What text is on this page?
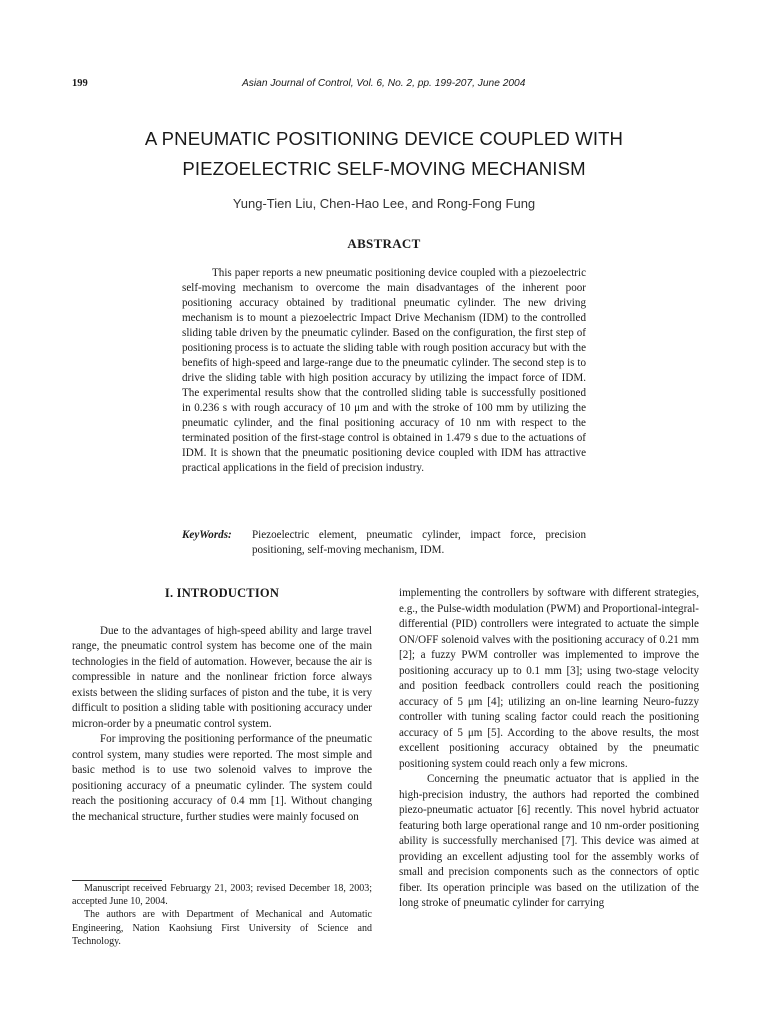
199	Asian Journal of Control, Vol. 6, No. 2, pp. 199-207, June 2004
A PNEUMATIC POSITIONING DEVICE COUPLED WITH
PIEZOELECTRIC SELF-MOVING MECHANISM
Yung-Tien Liu, Chen-Hao Lee, and Rong-Fong Fung
ABSTRACT

This paper reports a new pneumatic positioning device coupled with a piezoelectric self-moving mechanism to overcome the main disadvantages of the inherent poor positioning accuracy obtained by traditional pneumatic cylinder. The new driving mechanism is to mount a piezoelectric Impact Drive Mechanism (IDM) to the controlled sliding table driven by the pneumatic cylinder. Based on the configuration, the first step of positioning process is to actuate the sliding table with rough position accuracy but with the benefits of high-speed and large-range due to the pneumatic cylinder. The second step is to drive the sliding table with high position accuracy by utilizing the impact force of IDM. The experimental results show that the controlled sliding table is successfully positioned in 0.236 s with rough accuracy of 10 μm and with the stroke of 100 mm by utilizing the pneumatic cylinder, and the final positioning accuracy of 10 nm with respect to the terminated position of the first-stage control is obtained in 1.479 s due to the actuations of IDM. It is shown that the pneumatic positioning device coupled with IDM has attractive practical applications in the field of precision industry.

KeyWords: Piezoelectric element, pneumatic cylinder, impact force, precision positioning, self-moving mechanism, IDM.

I. INTRODUCTION

Due to the advantages of high-speed ability and large travel range, the pneumatic control system has become one of the main technologies in the field of automation. However, because the air is compressible in nature and the nonlinear friction force always exists between the sliding surfaces of piston and the tube, it is very difficult to position a sliding table with positioning accuracy under micron-order by a pneumatic control system.

For improving the positioning performance of the pneumatic control system, many studies were reported. The most simple and basic method is to use two solenoid valves to improve the positioning accuracy of a pneumatic cylinder. The system could reach the positioning accuracy of 0.4 mm [1]. Without changing the mechanical structure, further studies were mainly focused on

implementing the controllers by software with different strategies, e.g., the Pulse-width modulation (PWM) and Proportional-integral-differential (PID) controllers were integrated to actuate the simple ON/OFF solenoid valves with the positioning accuracy of 0.21 mm [2]; a fuzzy PWM controller was implemented to improve the positioning accuracy up to 0.1 mm [3]; using two-stage velocity and position feedback controllers could reach the positioning accuracy of 5 μm [4]; utilizing an on-line learning Neuro-fuzzy controller with tuning scaling factor could reach the positioning accuracy of 5 μm [5]. According to the above results, the most excellent positioning accuracy obtained by the pneumatic positioning system could reach only a few microns.

Concerning the pneumatic actuator that is applied in the high-precision industry, the authors had reported the combined piezo-pneumatic actuator [6] recently. This novel hybrid actuator featuring both large operational range and 10 nm-order positioning ability is successfully merchanised [7]. This device was aimed at providing an excellent adjusting tool for the assembly works of small and precision components such as the connectors of optic fiber. Its operation principle was based on the utilization of the long stroke of pneumatic cylinder for carrying

Manuscript received Februargy 21, 2003; revised December 18, 2003; accepted June 10, 2004.

The authors are with Department of Mechanical and Automatic Engineering, Nation Kaohsiung First University of Science and Technology.
